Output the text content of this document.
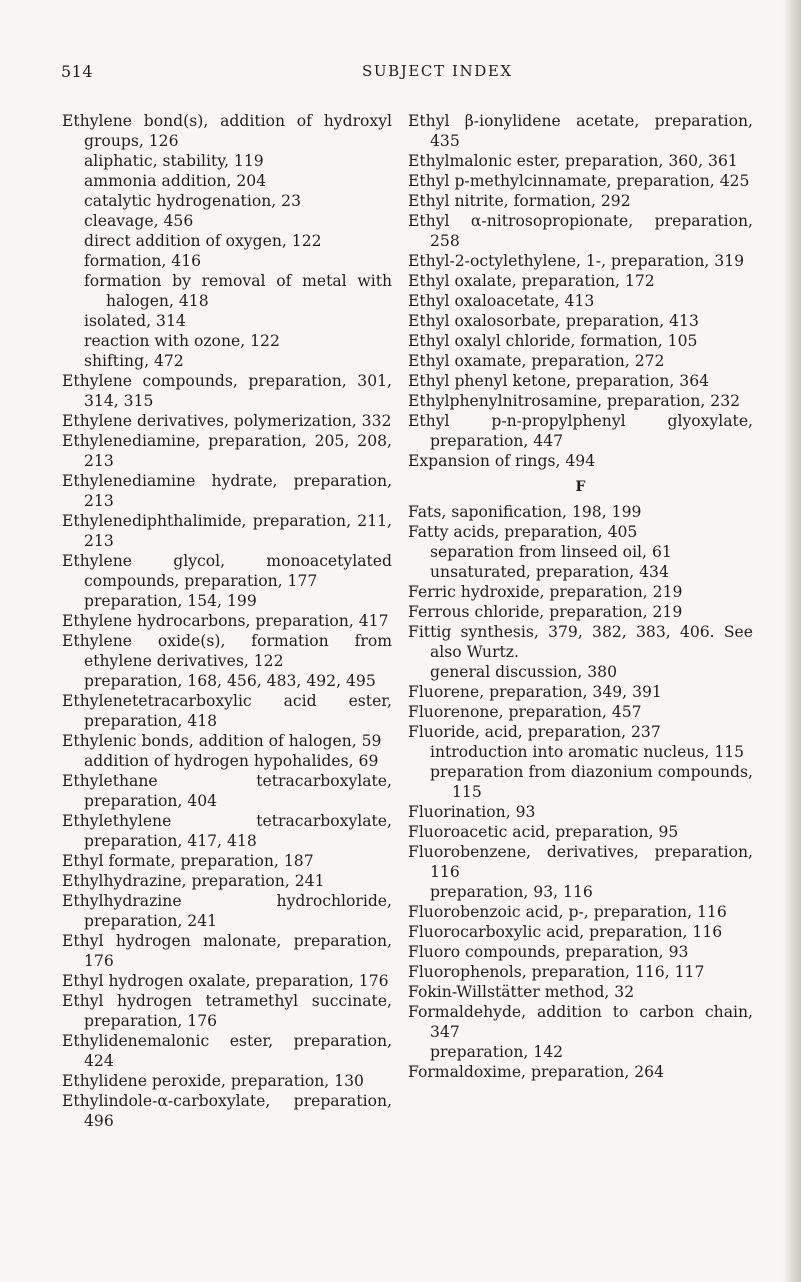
514	SUBJECT INDEX

Ethylene bond(s), addition of hydroxyl groups, 126

aliphatic, stability, 119

ammonia addition, 204

catalytic hydrogenation, 23

cleavage, 456

direct addition of oxygen, 122

formation, 416

formation by removal of metal with halogen, 418

isolated, 314

reaction with ozone, 122

shifting, 472

Ethylene compounds, preparation, 301, 314, 315

Ethylene derivatives, polymerization, 332

Ethylenediamine, preparation, 205, 208, 213

Ethylenediamine hydrate, preparation, 213

Ethylenediphthalimide, preparation, 211, 213

Ethylene glycol, monoacetylated compounds, preparation, 177

preparation, 154, 199

Ethylene hydrocarbons, preparation, 417

Ethylene oxide(s), formation from ethylene derivatives, 122

preparation, 168, 456, 483, 492, 495

Ethylenetetracarboxylic acid ester, preparation, 418

Ethylenic bonds, addition of halogen, 59

addition of hydrogen hypohalides, 69

Ethylethane tetracarboxylate, preparation, 404

Ethylethylene tetracarboxylate, preparation, 417, 418

Ethyl formate, preparation, 187

Ethylhydrazine, preparation, 241

Ethylhydrazine hydrochloride, preparation, 241

Ethyl hydrogen malonate, preparation, 176

Ethyl hydrogen oxalate, preparation, 176

Ethyl hydrogen tetramethyl succinate, preparation, 176

Ethylidenemalonic ester, preparation, 424

Ethylidene peroxide, preparation, 130

Ethylindole-α-carboxylate, preparation, 496

Ethyl β-ionylidene acetate, preparation, 435

Ethylmalonic ester, preparation, 360, 361

Ethyl p-methylcinnamate, preparation, 425

Ethyl nitrite, formation, 292

Ethyl α-nitrosopropionate, preparation, 258

Ethyl-2-octylethylene, 1-, preparation, 319

Ethyl oxalate, preparation, 172

Ethyl oxaloacetate, 413

Ethyl oxalosorbate, preparation, 413

Ethyl oxalyl chloride, formation, 105

Ethyl oxamate, preparation, 272

Ethyl phenyl ketone, preparation, 364

Ethylphenylnitrosamine, preparation, 232

Ethyl p-n-propylphenyl glyoxylate, preparation, 447

Expansion of rings, 494

F

Fats, saponification, 198, 199

Fatty acids, preparation, 405

separation from linseed oil, 61

unsaturated, preparation, 434

Ferric hydroxide, preparation, 219

Ferrous chloride, preparation, 219

Fittig synthesis, 379, 382, 383, 406. See also Wurtz.

general discussion, 380

Fluorene, preparation, 349, 391

Fluorenone, preparation, 457

Fluoride, acid, preparation, 237

introduction into aromatic nucleus, 115

preparation from diazonium compounds, 115

Fluorination, 93

Fluoroacetic acid, preparation, 95

Fluorobenzene, derivatives, preparation, 116

preparation, 93, 116

Fluorobenzoic acid, p-, preparation, 116

Fluorocarboxylic acid, preparation, 116

Fluoro compounds, preparation, 93

Fluorophenols, preparation, 116, 117

Fokin-Willstätter method, 32

Formaldehyde, addition to carbon chain, 347

preparation, 142

Formaldoxime, preparation, 264
